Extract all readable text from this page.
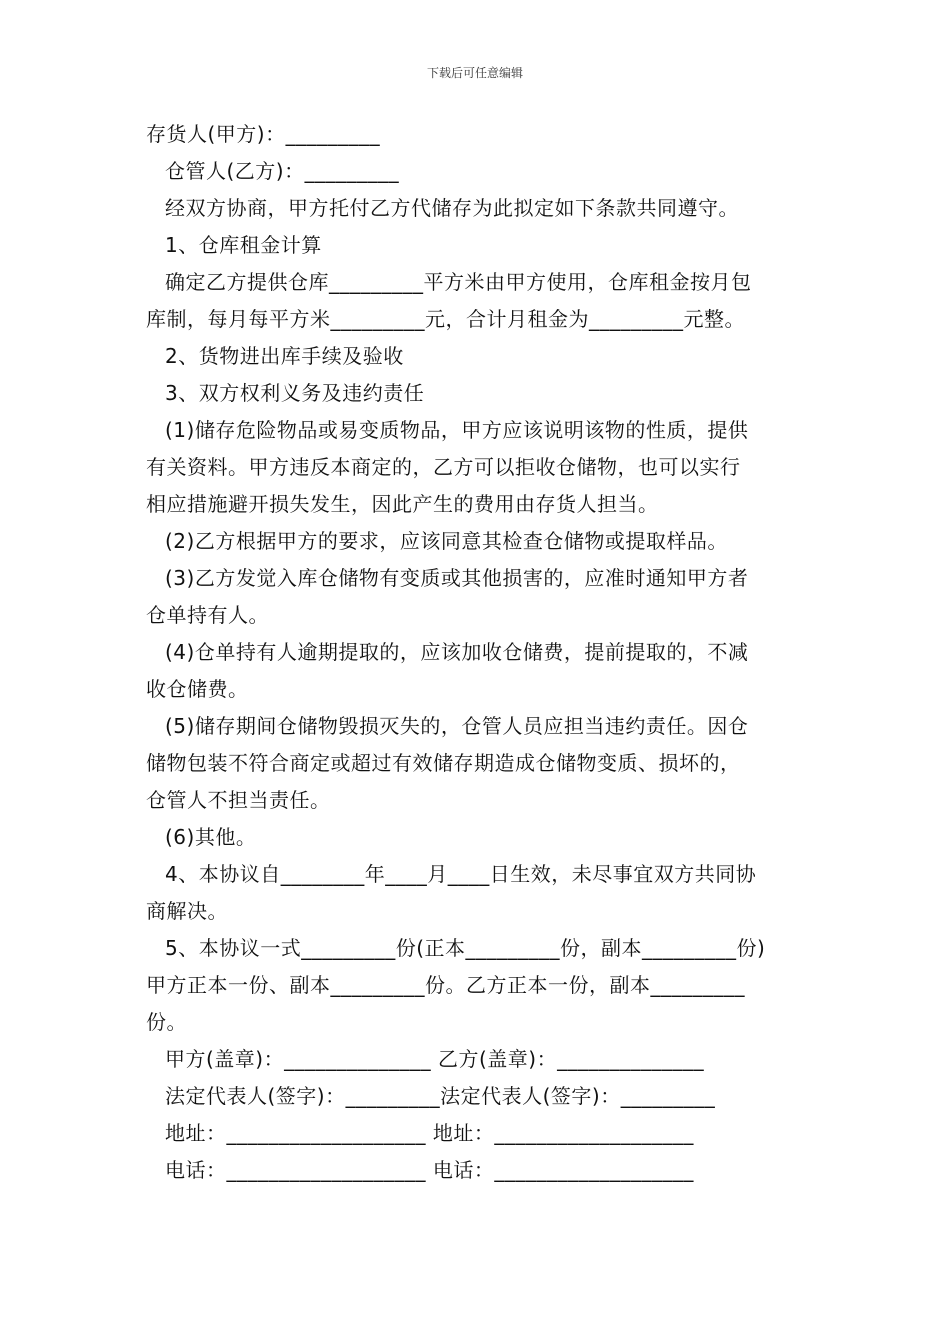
下载后可任意编辑
存货人(甲方)：_________
仓管人(乙方)：_________
经双方协商，甲方托付乙方代储存为此拟定如下条款共同遵守。
1、仓库租金计算
确定乙方提供仓库_________平方米由甲方使用，仓库租金按月包
库制，每月每平方米_________元，合计月租金为_________元整。
2、货物进出库手续及验收
3、双方权利义务及违约责任
(1)储存危险物品或易变质物品，甲方应该说明该物的性质，提供
有关资料。甲方违反本商定的，乙方可以拒收仓储物，也可以实行
相应措施避开损失发生，因此产生的费用由存货人担当。
(2)乙方根据甲方的要求，应该同意其检查仓储物或提取样品。
(3)乙方发觉入库仓储物有变质或其他损害的，应准时通知甲方者
仓单持有人。
(4)仓单持有人逾期提取的，应该加收仓储费，提前提取的，不减
收仓储费。
(5)储存期间仓储物毁损灭失的，仓管人员应担当违约责任。因仓
储物包装不符合商定或超过有效储存期造成仓储物变质、损坏的，
仓管人不担当责任。
(6)其他。
4、本协议自________年____月____日生效，未尽事宜双方共同协
商解决。
5、本协议一式_________份(正本_________份，副本_________份)
甲方正本一份、副本_________份。乙方正本一份，副本_________
份。
甲方(盖章)：______________ 乙方(盖章)：______________
法定代表人(签字)：_________法定代表人(签字)：_________
地址：___________________ 地址：___________________
电话：___________________ 电话：___________________
